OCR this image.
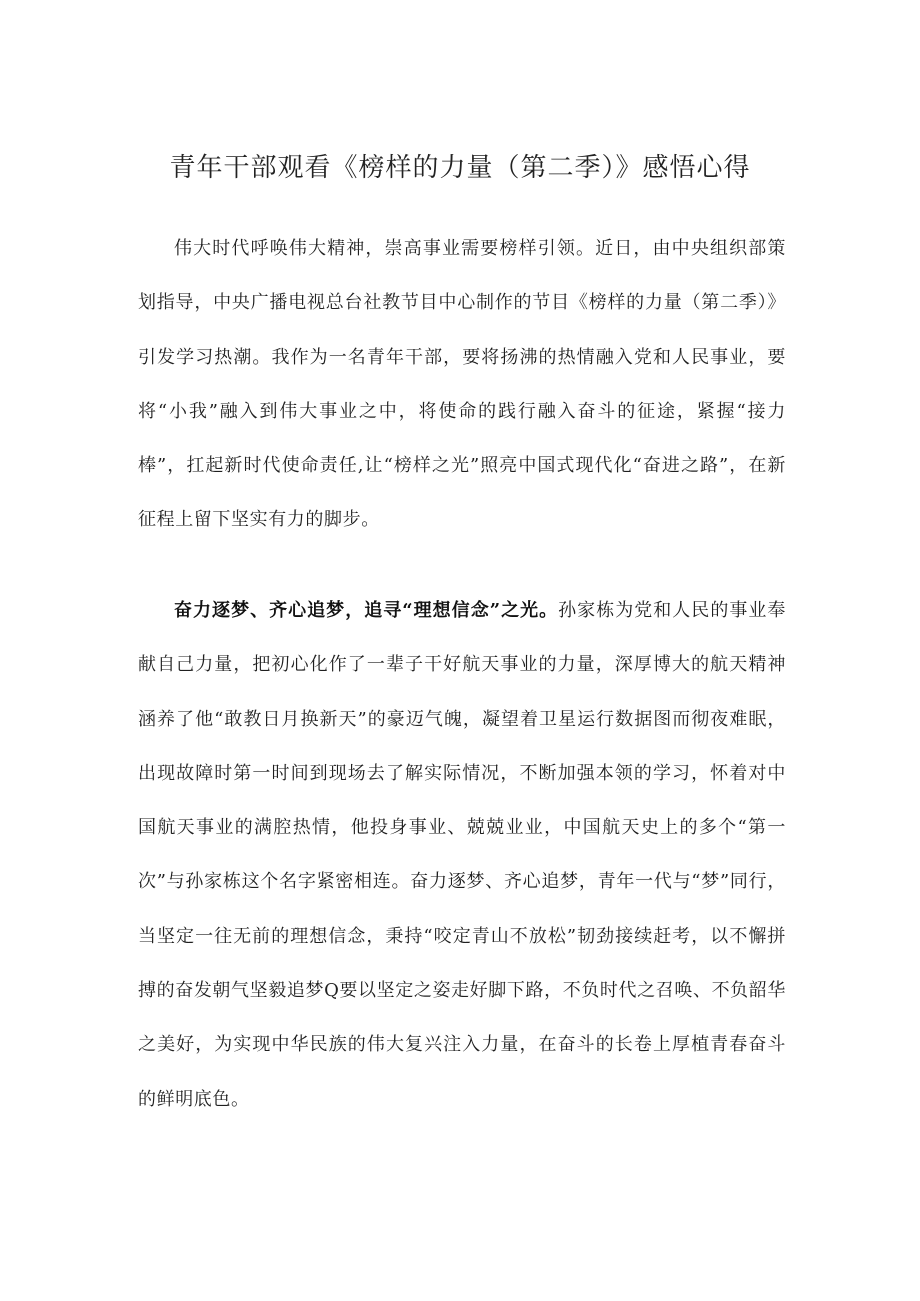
青年干部观看《榜样的力量（第二季）》感悟心得

伟大时代呼唤伟大精神，崇高事业需要榜样引领。近日，由中央组织部策划指导，中央广播电视总台社教节目中心制作的节目《榜样的力量（第二季）》引发学习热潮。我作为一名青年干部，要将扬沸的热情融入党和人民事业，要将“小我”融入到伟大事业之中，将使命的践行融入奋斗的征途，紧握“接力棒”，扛起新时代使命责任,让“榜样之光”照亮中国式现代化“奋进之路”，在新征程上留下坚实有力的脚步。

奋力逐梦、齐心追梦，追寻“理想信念”之光。孙家栋为党和人民的事业奉献自己力量，把初心化作了一辈子干好航天事业的力量，深厚博大的航天精神涵养了他“敢教日月换新天”的豪迈气魄，凝望着卫星运行数据图而彻夜难眠，出现故障时第一时间到现场去了解实际情况，不断加强本领的学习，怀着对中国航天事业的满腔热情，他投身事业、兢兢业业，中国航天史上的多个“第一次”与孙家栋这个名字紧密相连。奋力逐梦、齐心追梦，青年一代与“梦”同行，当坚定一往无前的理想信念，秉持“咬定青山不放松”韧劲接续赶考，以不懈拼搏的奋发朝气坚毅追梦Q要以坚定之姿走好脚下路，不负时代之召唤、不负韶华之美好，为实现中华民族的伟大复兴注入力量，在奋斗的长卷上厚植青春奋斗的鲜明底色。
